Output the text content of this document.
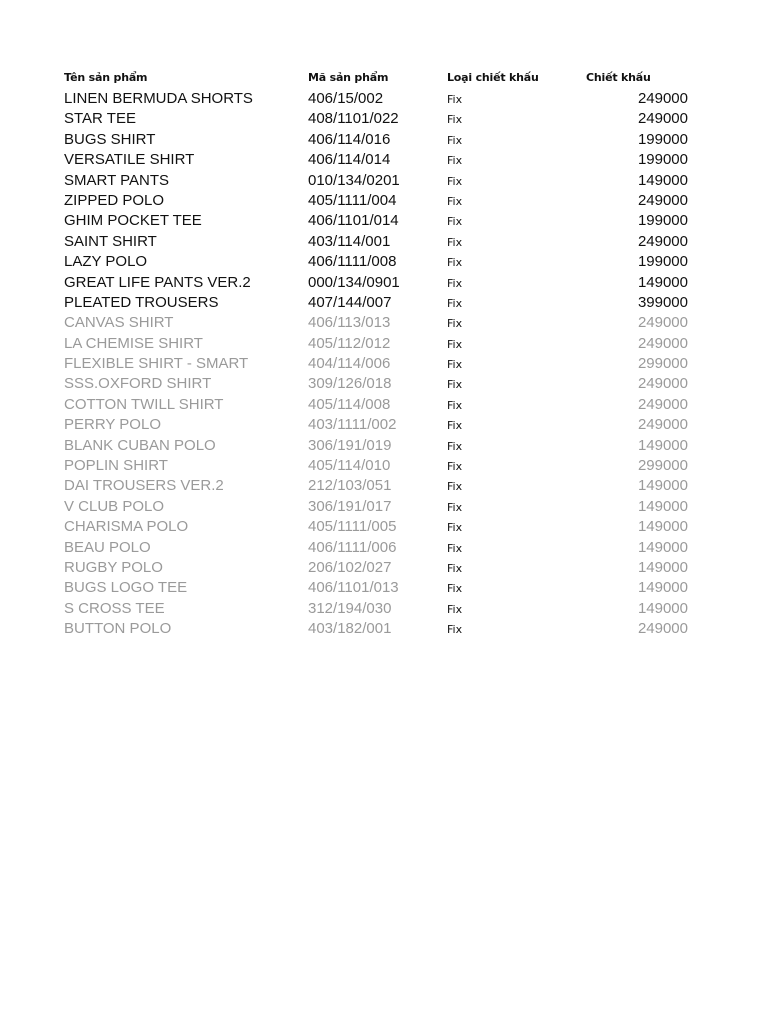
Tên sản phẩm	Mã sản phẩm	Loại chiết khấu	Chiết khấu
LINEN BERMUDA SHORTS	406/15/002	Fix	249000
STAR TEE	408/1101/022	Fix	249000
BUGS SHIRT	406/114/016	Fix	199000
VERSATILE SHIRT	406/114/014	Fix	199000
SMART PANTS	010/134/0201	Fix	149000
ZIPPED POLO	405/1111/004	Fix	249000
GHIM POCKET TEE	406/1101/014	Fix	199000
SAINT SHIRT	403/114/001	Fix	249000
LAZY POLO	406/1111/008	Fix	199000
GREAT LIFE PANTS VER.2	000/134/0901	Fix	149000
PLEATED TROUSERS	407/144/007	Fix	399000
CANVAS SHIRT	406/113/013	Fix	249000
LA CHEMISE SHIRT	405/112/012	Fix	249000
FLEXIBLE SHIRT - SMART	404/114/006	Fix	299000
SSS.OXFORD SHIRT	309/126/018	Fix	249000
COTTON TWILL SHIRT	405/114/008	Fix	249000
PERRY POLO	403/1111/002	Fix	249000
BLANK CUBAN POLO	306/191/019	Fix	149000
POPLIN SHIRT	405/114/010	Fix	299000
DAI TROUSERS VER.2	212/103/051	Fix	149000
V CLUB POLO	306/191/017	Fix	149000
CHARISMA POLO	405/1111/005	Fix	149000
BEAU POLO	406/1111/006	Fix	149000
RUGBY POLO	206/102/027	Fix	149000
BUGS LOGO TEE	406/1101/013	Fix	149000
S CROSS TEE	312/194/030	Fix	149000
BUTTON POLO	403/182/001	Fix	249000
